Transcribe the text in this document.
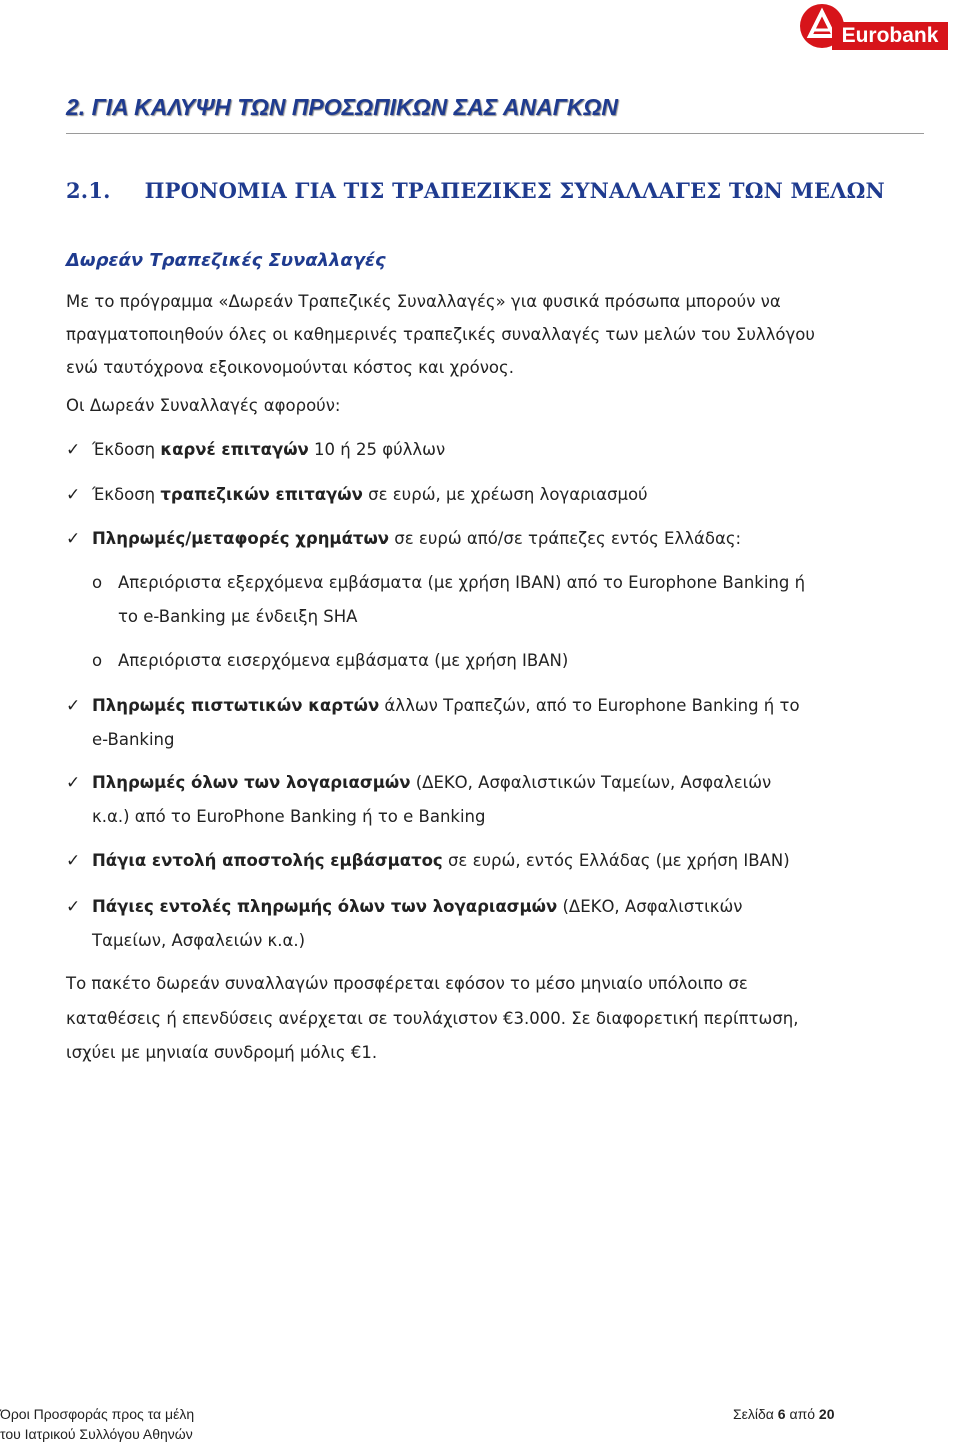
Eurobank
2. ΓΙΑ ΚΑΛΥΨΗ ΤΩΝ ΠΡΟΣΩΠΙΚΩΝ ΣΑΣ ΑΝΑΓΚΩΝ
2.1. ΠΡΟΝΟΜΙΑ ΓΙΑ ΤΙΣ ΤΡΑΠΕΖΙΚΕΣ ΣΥΝΑΛΛΑΓΕΣ ΤΩΝ ΜΕΛΩΝ
Δωρεάν Τραπεζικές Συναλλαγές
Με το πρόγραμμα «Δωρεάν Τραπεζικές Συναλλαγές» για φυσικά πρόσωπα μπορούν να
πραγματοποιηθούν όλες οι καθημερινές τραπεζικές συναλλαγές των μελών του Συλλόγου
ενώ ταυτόχρονα εξοικονομούνται κόστος και χρόνος.
Οι Δωρεάν Συναλλαγές αφορούν:
✓ Έκδοση καρνέ επιταγών 10 ή 25 φύλλων
✓ Έκδοση τραπεζικών επιταγών σε ευρώ, με χρέωση λογαριασμού
✓ Πληρωμές/μεταφορές χρημάτων σε ευρώ από/σε τράπεζες εντός Ελλάδας:
o Απεριόριστα εξερχόμενα εμβάσματα (με χρήση IBAN) από το Europhone Banking ή
το e-Banking με ένδειξη SHA
o Απεριόριστα εισερχόμενα εμβάσματα (με χρήση IBAN)
✓ Πληρωμές πιστωτικών καρτών άλλων Τραπεζών, από το Europhone Banking ή το
e-Banking
✓ Πληρωμές όλων των λογαριασμών (ΔΕΚΟ, Ασφαλιστικών Ταμείων, Ασφαλειών
κ.α.) από το EuroPhone Banking ή το e Banking
✓ Πάγια εντολή αποστολής εμβάσματος σε ευρώ, εντός Ελλάδας (με χρήση IBAN)
✓ Πάγιες εντολές πληρωμής όλων των λογαριασμών (ΔΕΚΟ, Ασφαλιστικών
Ταμείων, Ασφαλειών κ.α.)
Το πακέτο δωρεάν συναλλαγών προσφέρεται εφόσον το μέσο μηνιαίο υπόλοιπο σε
καταθέσεις ή επενδύσεις ανέρχεται σε τουλάχιστον €3.000. Σε διαφορετική περίπτωση,
ισχύει με μηνιαία συνδρομή μόλις €1.
Όροι Προσφοράς προς τα μέλη
του Ιατρικού Συλλόγου Αθηνών
Σελίδα 6 από 20
